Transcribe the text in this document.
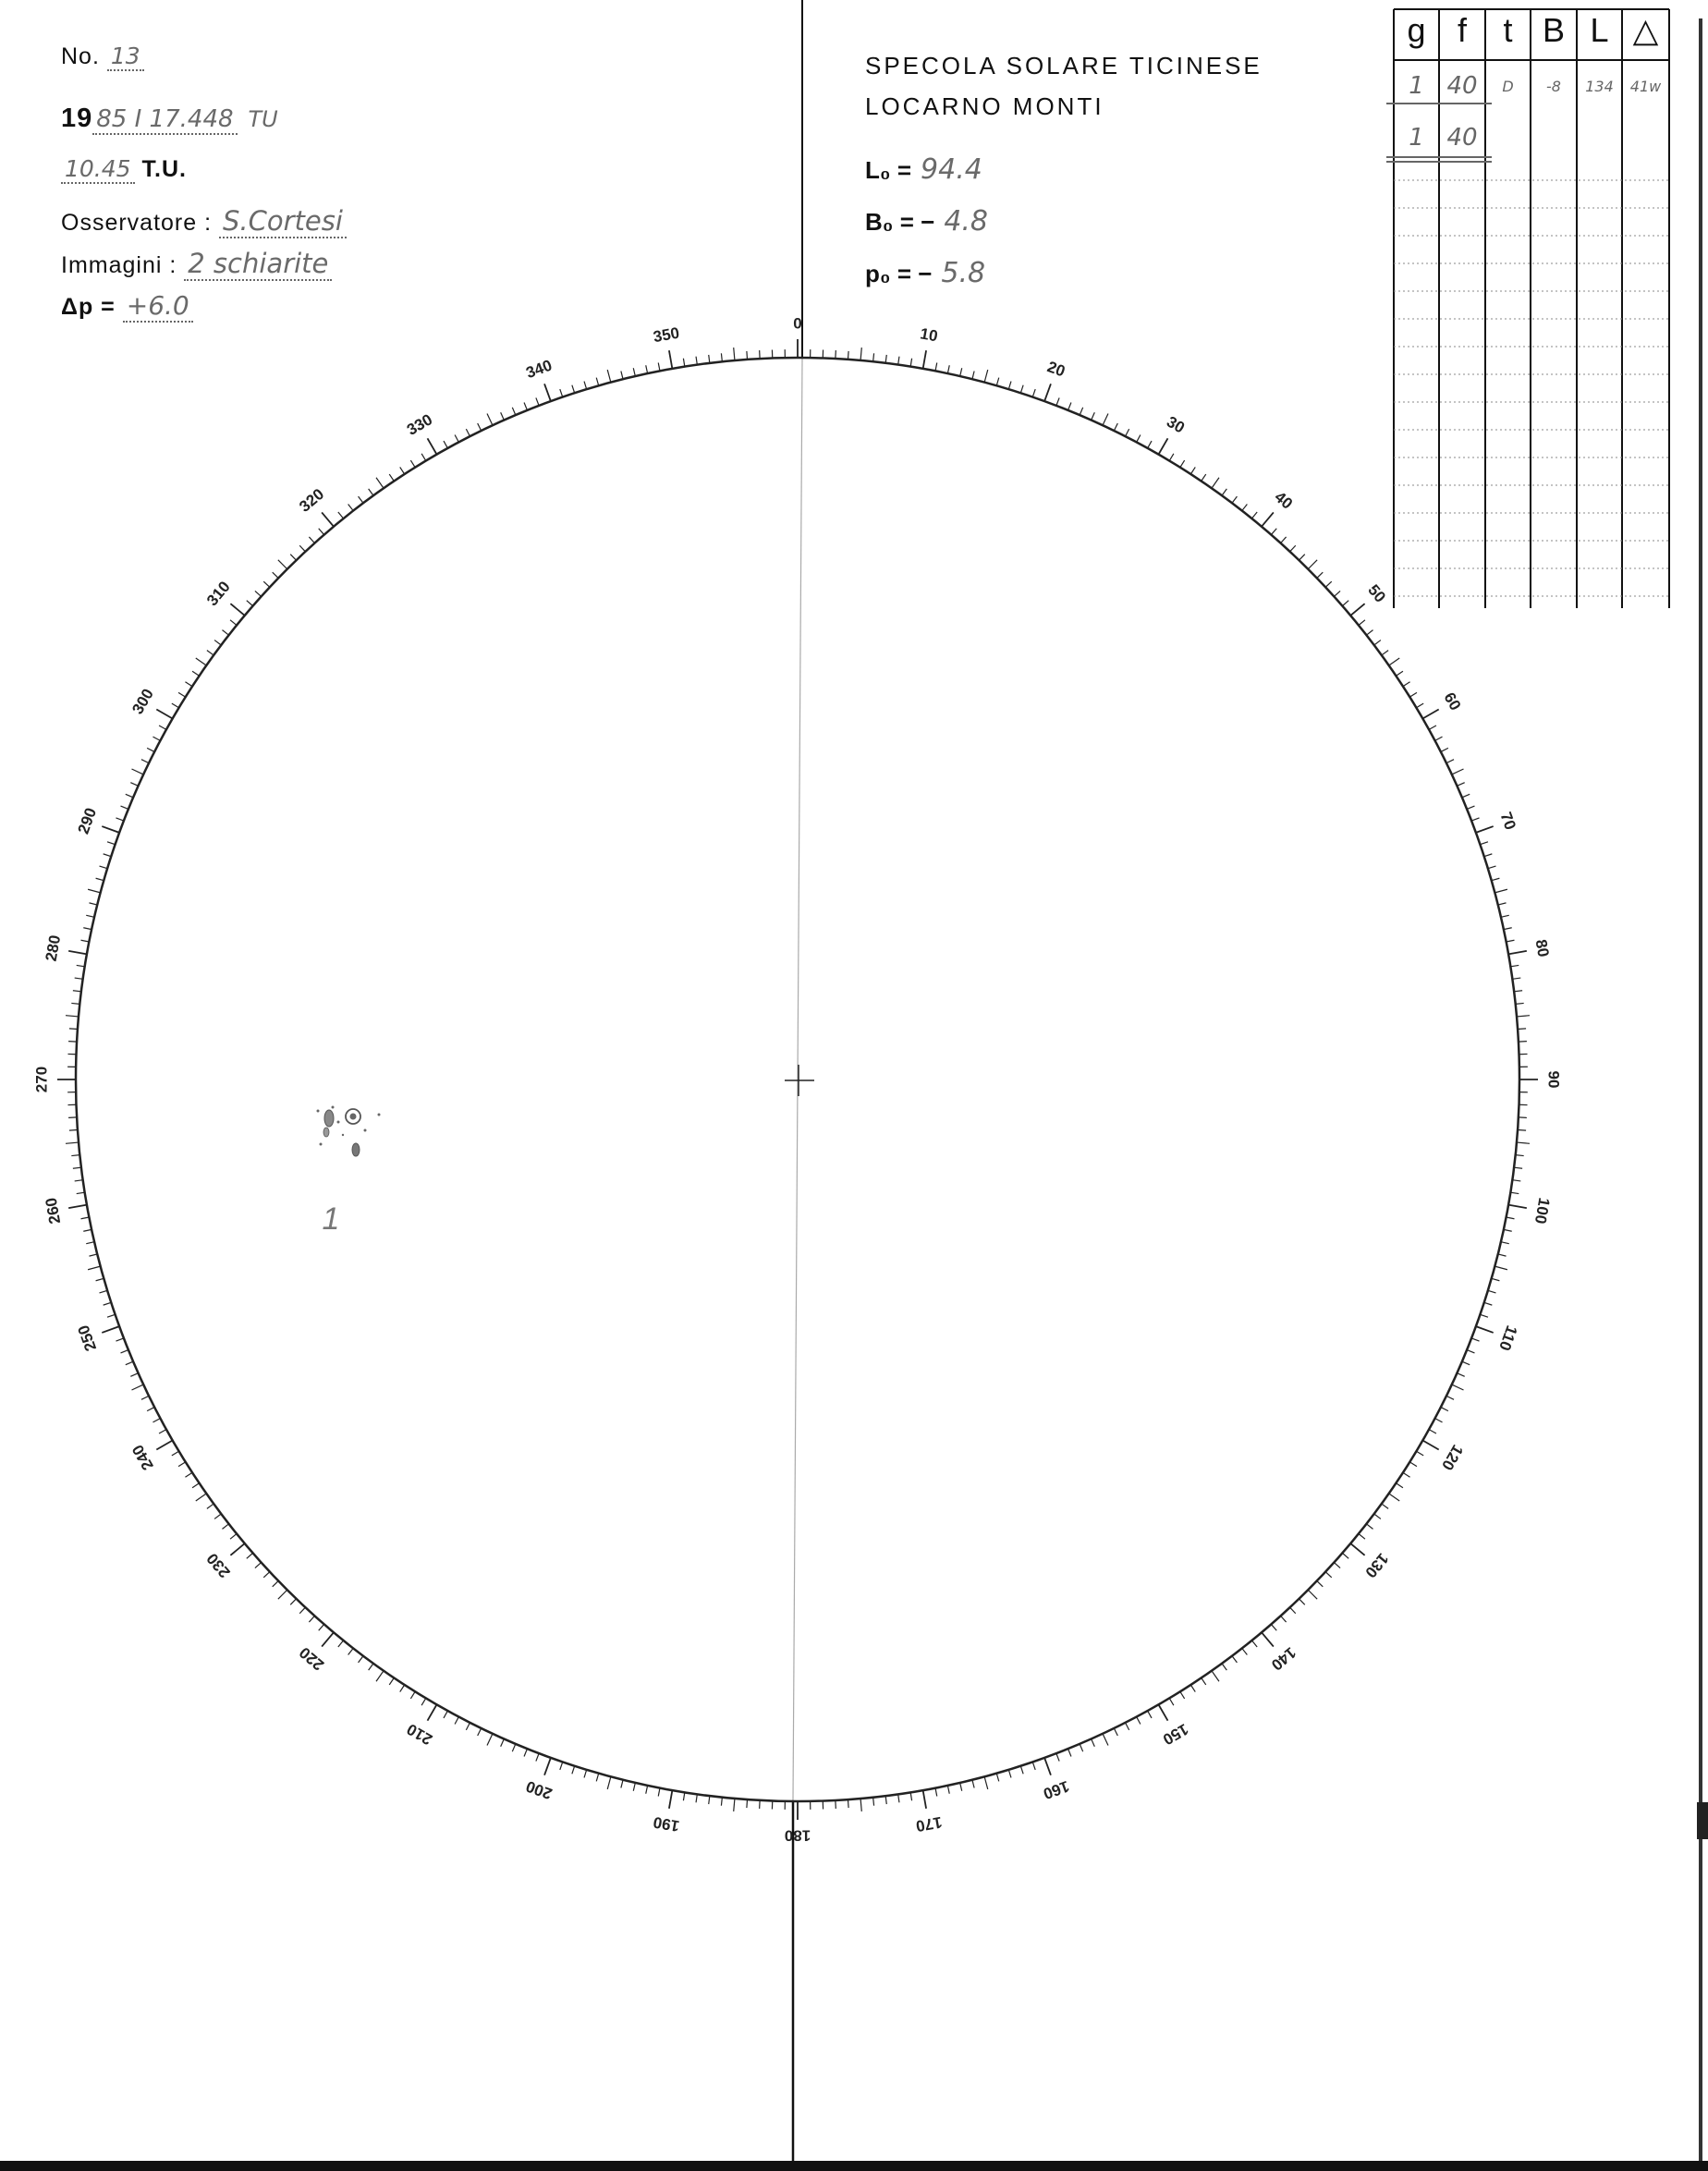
No. 13
19 85 I 17.448 TU
10.45 T.U.
Osservatore : S.Cortesi
Immagini : 2 schiarite
Δp = +6.0
SPECOLA SOLARE TICINESE
LOCARNO MONTI
L₀ = 94.4
B₀ = − 4.8
p₀ = − 5.8
0
10
20
30
40
50
60
70
80
90
100
110
120
130
140
150
160
170
180
190
200
210
220
230
240
250
260
270
280
290
300
310
320
330
340
350
1
g f	t B L △
1 40	D	-8	134	41w
1 40
